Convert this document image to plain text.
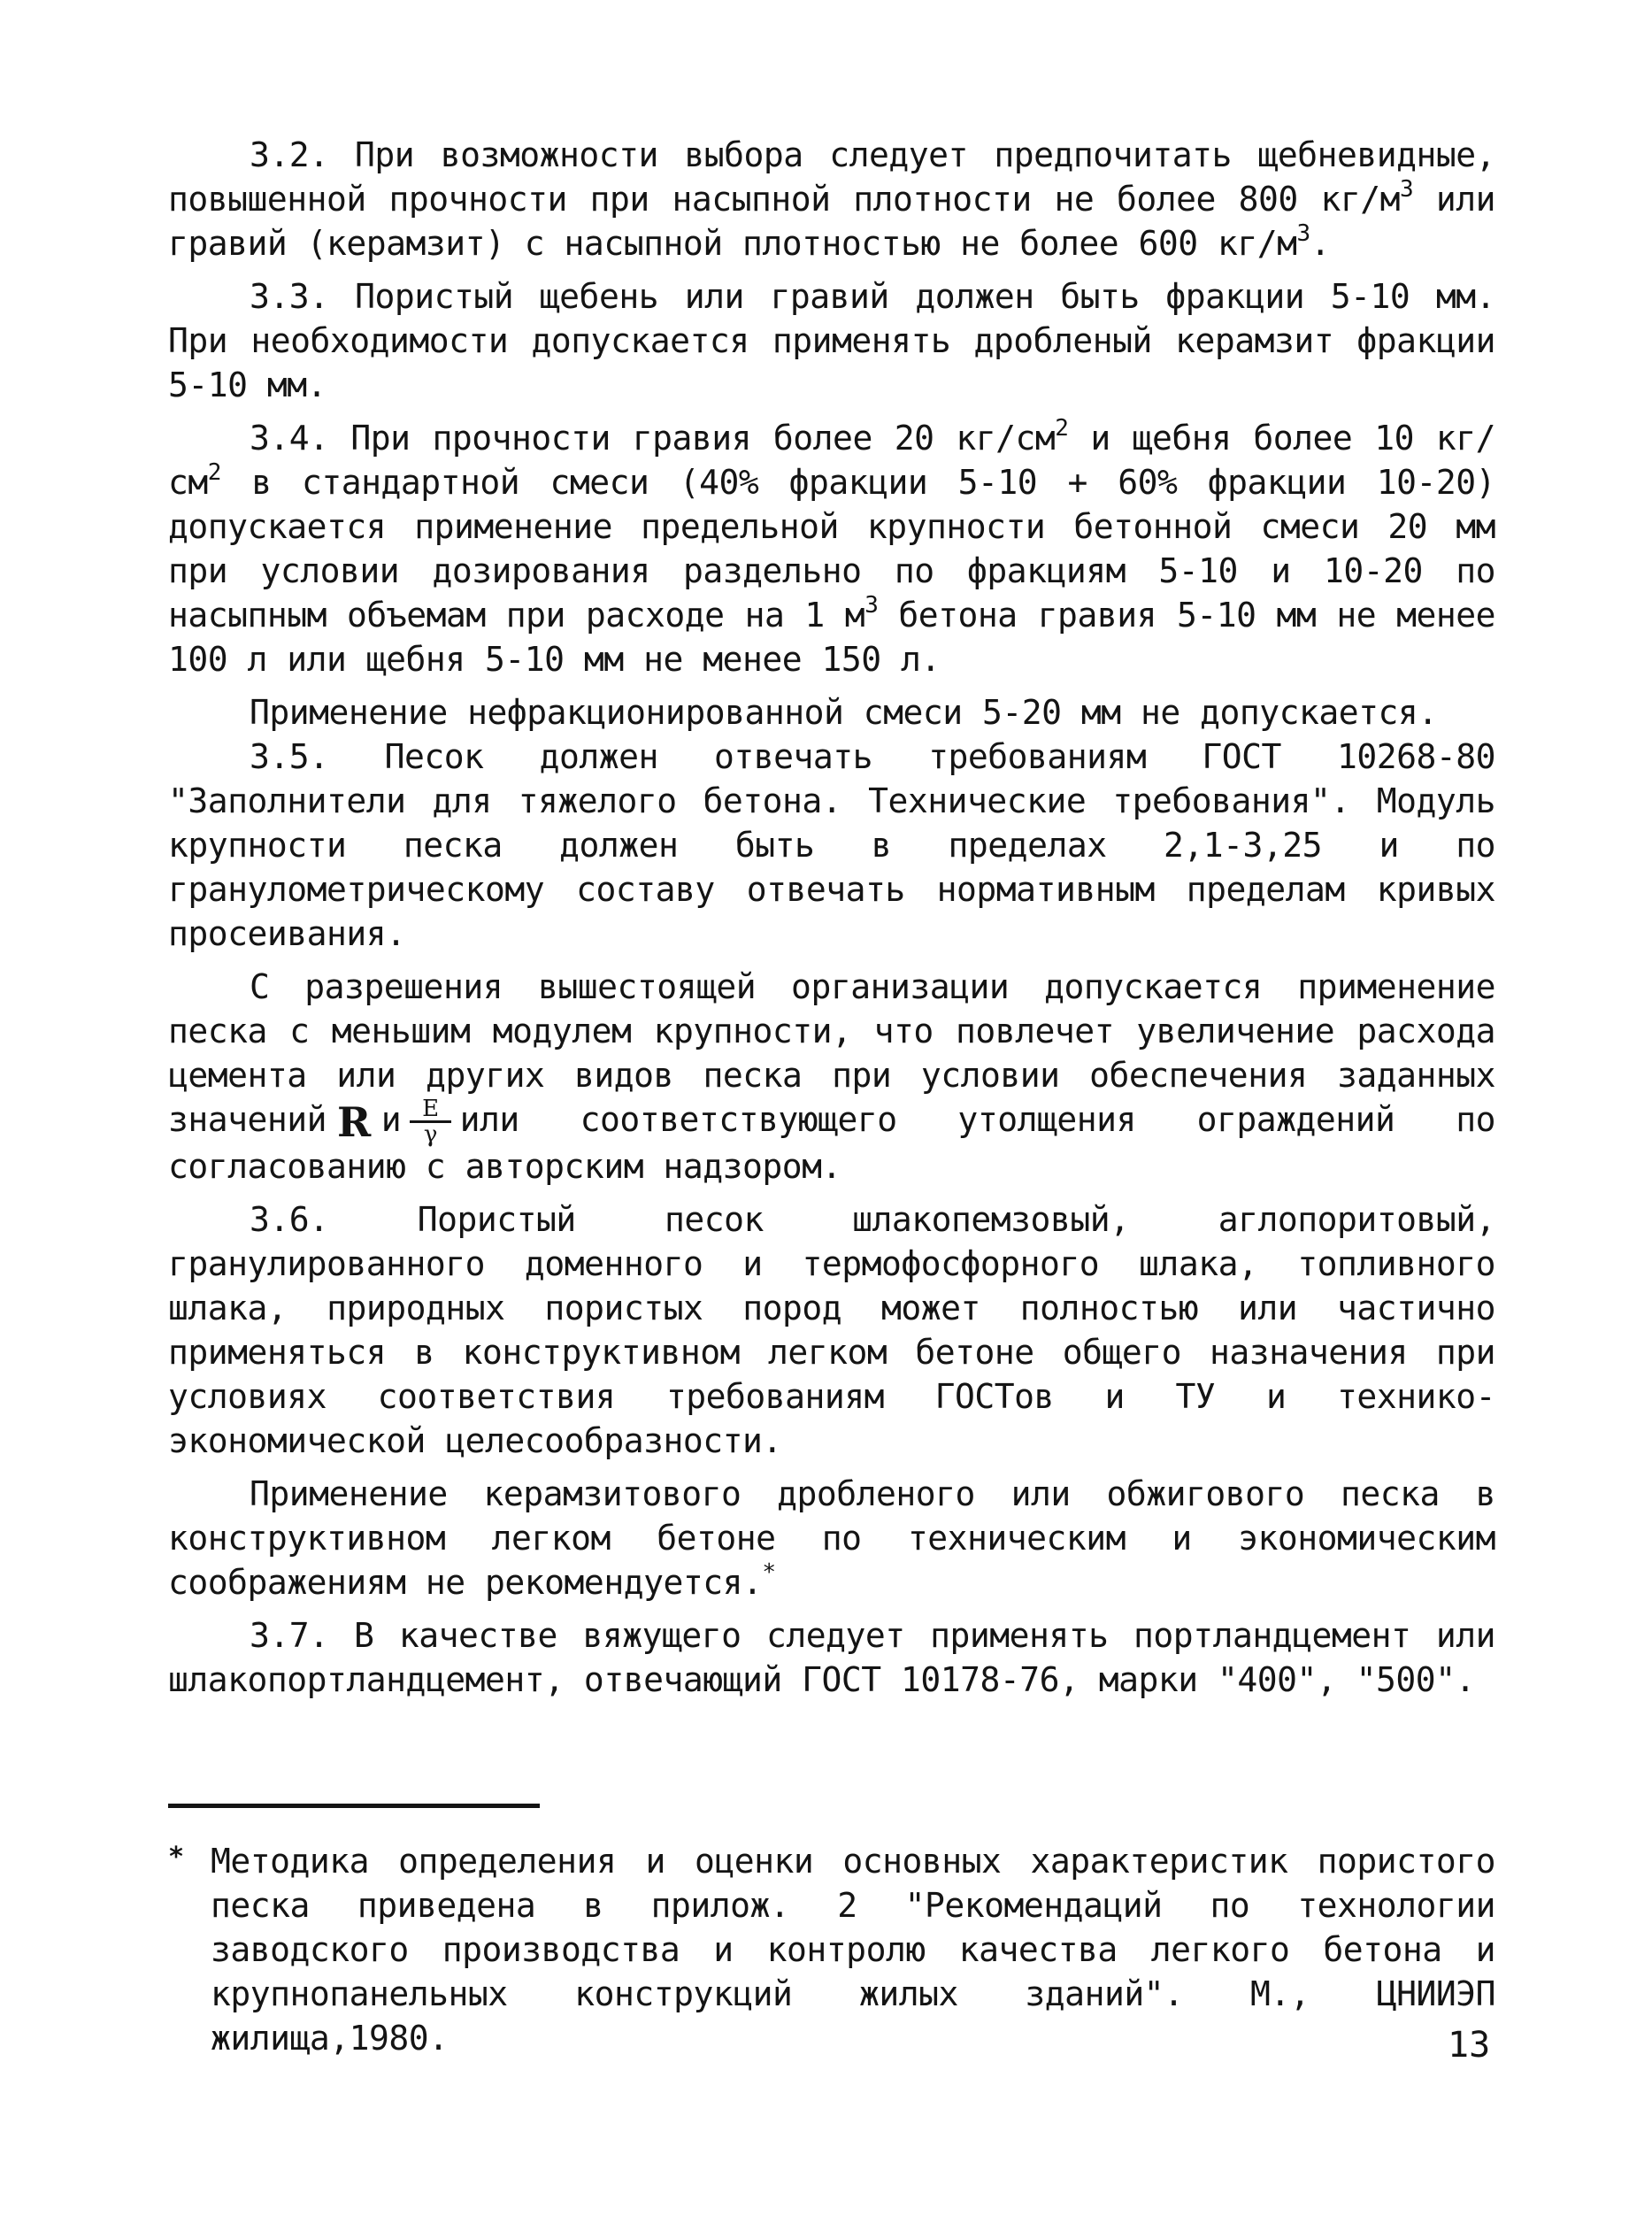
3.2. При возможности выбора следует предпочитать щебневидные, повышенной прочности при насыпной плотности не более 800 $кг/м^3$ или гравий (керамзит) с насыпной плотностью не более 600 $кг/м^3$.

3.3. Пористый щебень или гравий должен быть фракции 5-10 мм. При необходимости допускается применять дробленый керамзит фракции 5-10 мм.

3.4. При прочности гравия более 20 $кг/см^2$ и щебня более 10 $кг/см^2$ в стандартной смеси (40% фракции 5-10 + 60% фракции 10-20) допускается применение предельной крупности бетонной смеси 20 мм при условии дозирования раздельно по фракциям 5-10 и 10-20 по насыпным объемам при расходе на 1 $м^3$ бетона гравия 5-10 мм не менее 100 л или щебня 5-10 мм не менее 150 л.

Применение нефракционированной смеси 5-20 мм не допускается.

3.5. Песок должен отвечать требованиям ГОСТ 10268-80 "Заполнители для тяжелого бетона. Технические требования". Модуль крупности песка должен быть в пределах 2,1-3,25 и по гранулометрическому составу отвечать нормативным пределам кривых просеивания.

С разрешения вышестоящей организации допускается применение песка с меньшим модулем крупности, что повлечет увеличение расхода цемента или других видов песка при условии обеспечения заданных значений R и $\frac{E}{\gamma}$ или соответствующего утолщения ограждений по согласованию с авторским надзором.

3.6. Пористый песок шлакопемзовый, аглопоритовый, гранулированного доменного и термофосфорного шлака, топливного шлака, природных пористых пород может полностью или частично применяться в конструктивном легком бетоне общего назначения при условиях соответствия требованиям ГОСТов и ТУ и технико-экономической целесообразности.

Применение керамзитового дробленого или обжигового песка в конструктивном легком бетоне по техническим и экономическим соображениям не рекомендуется.*

3.7. В качестве вяжущего следует применять портландцемент или шлакопортландцемент, отвечающий ГОСТ 10178-76, марки "400", "500".

* Методика определения и оценки основных характеристик пористого песка приведена в прилож. 2 "Рекомендаций по технологии заводского производства и контролю качества легкого бетона и крупнопанельных конструкций жилых зданий". М., ЦНИИЭП жилища,1980.	13
